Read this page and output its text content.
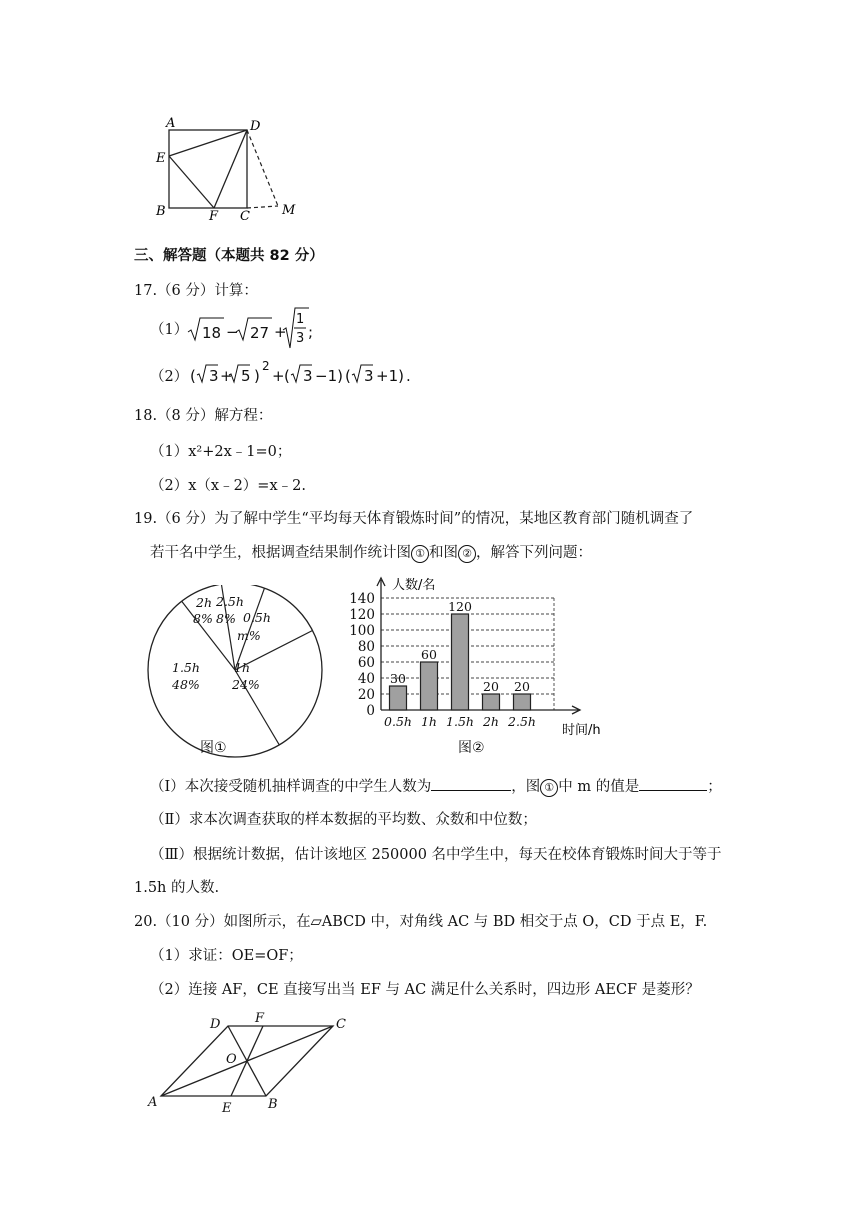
A	D
E
B	F C M
三、解答题（本题共 82 分）
17.（6 分）计算：
（1） 18 − 27 +
1
3 ;
（2） ( 3 + 5 )
2
+ ( 3 −1) ( 3 +1) .
18.（8 分）解方程：
（1）x²+2x﹣1=0；
（2）x（x﹣2）=x﹣2.
19.（6 分）为了解中学生“平均每天体育锻炼时间”的情况，某地区教育部门随机调查了
若干名中学生，根据调查结果制作统计图 ① 和图 ② ，解答下列问题：
2h
8%
2.5h
8% 0.5h
m%
1h
24%
1.5h
48%
图①
0
20
40
60
80
100
120
140
0.5h 1h 1.5h 2h 2.5h
30
60
120
20 20
人数/名
时间/h
图②
（I）本次接受随机抽样调查的中学生人数为	，图 ① 中 m 的值是	；
（Ⅱ）求本次调查获取的样本数据的平均数、众数和中位数；
（Ⅲ）根据统计数据，估计该地区 250000 名中学生中，每天在校体育锻炼时间大于等于
1.5h 的人数.
20.（10 分）如图所示，在▱ABCD 中，对角线 AC 与 BD 相交于点 O，CD 于点 E，F.
（1）求证：OE=OF；
（2）连接 AF，CE 直接写出当 EF 与 AC 满足什么关系时，四边形 AECF 是菱形？
D	F	C
O
A	E	B
